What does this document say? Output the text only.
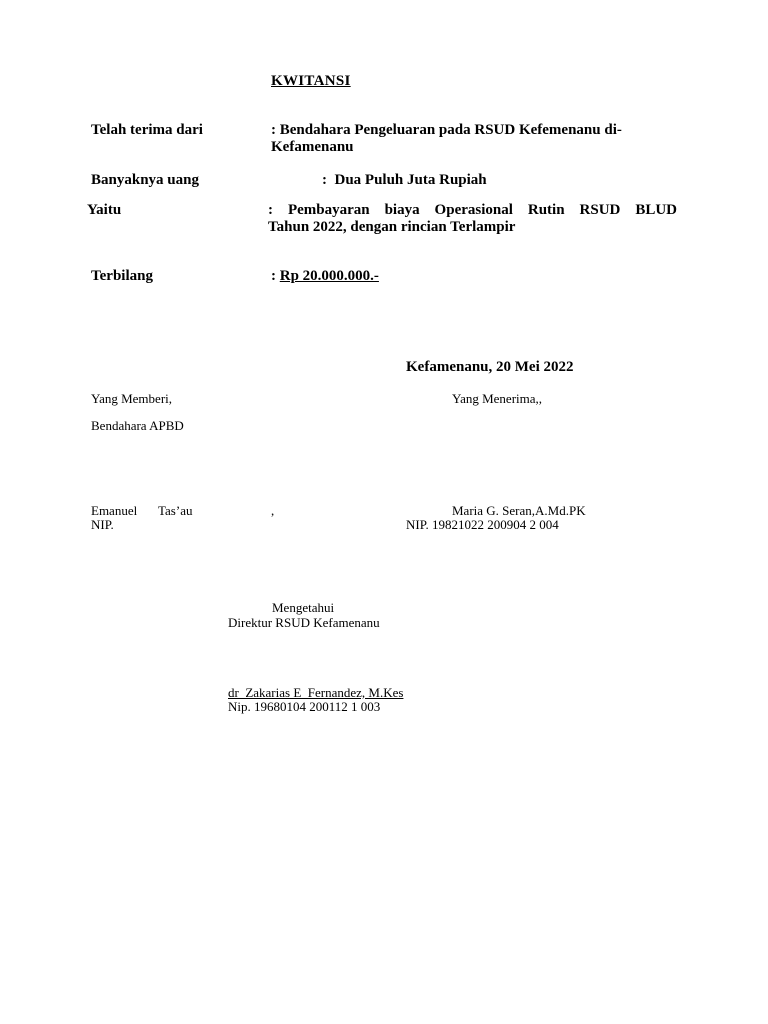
KWITANSI
Telah terima dari	: Bendahara Pengeluaran pada RSUD Kefemenanu di-
Kefamenanu
Banyaknya uang	:  Dua Puluh Juta Rupiah
Yaitu	: Pembayaran biaya Operasional Rutin RSUD BLUD
Tahun 2022, dengan rincian Terlampir
Terbilang	: Rp 20.000.000.-
Kefamenanu, 20 Mei 2022
Yang Memberi,
Bendahara APBD
Emanuel Tas’au	,
NIP.
Yang Menerima,,
Maria G. Seran,A.Md.PK
NIP. 19821022 200904 2 004
Mengetahui
Direktur RSUD Kefamenanu
dr  Zakarias E  Fernandez, M.Kes
Nip. 19680104 200112 1 003
